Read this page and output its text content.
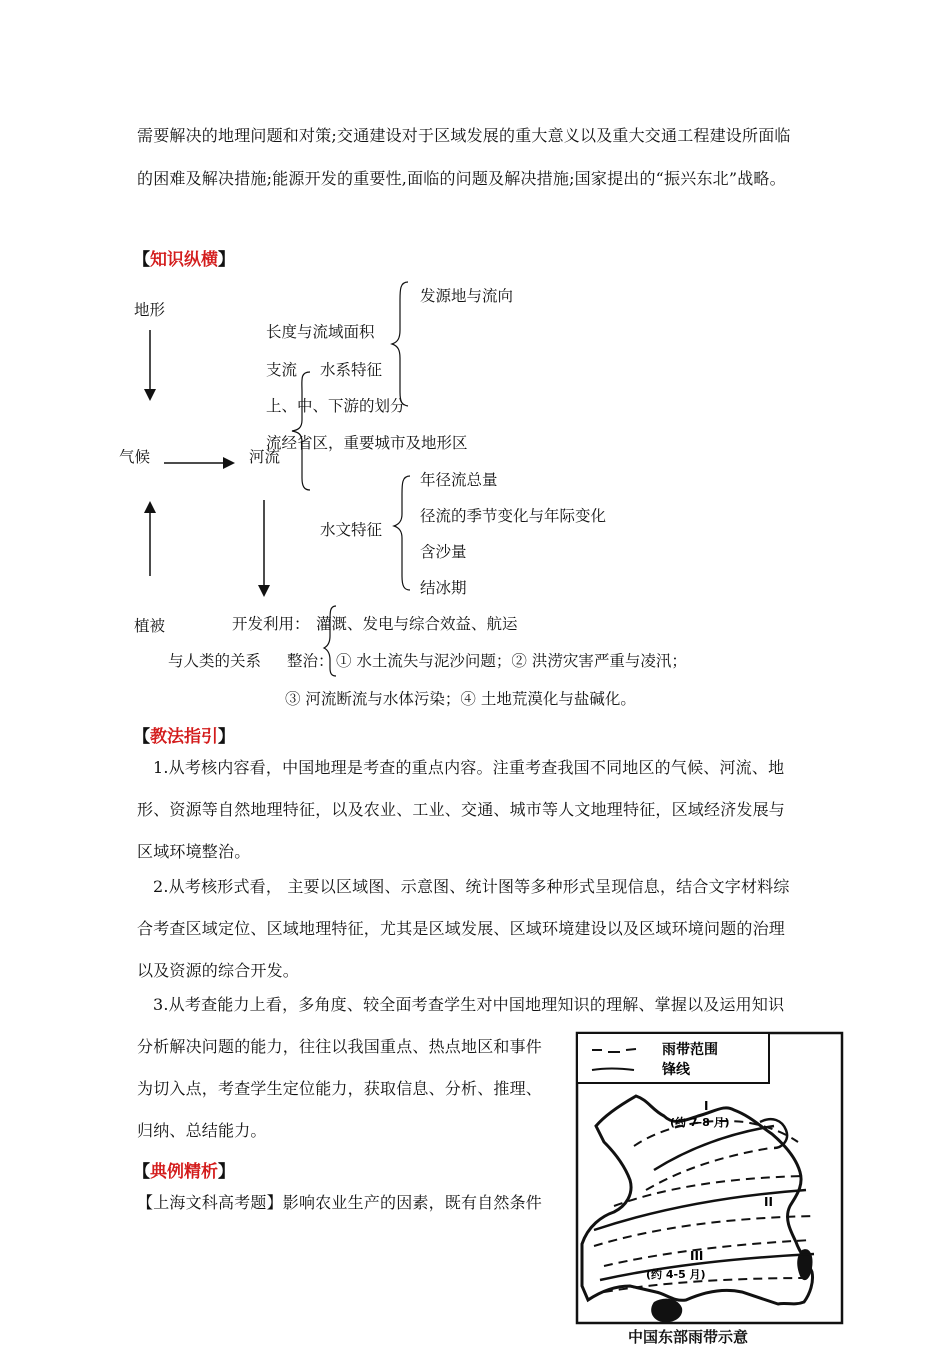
需要解决的地理问题和对策;交通建设对于区域发展的重大意义以及重大交通工程建设所面临
的困难及解决措施;能源开发的重要性,面临的问题及解决措施;国家提出的“振兴东北”战略。
【知识纵横】
地形
气候	河流
植被
发源地与流向
长度与流域面积
支流 水系特征
上、中、下游的划分
流经省区，重要城市及地形区
水文特征
年径流总量
径流的季节变化与年际变化
含沙量
结冰期
开发利用： 灌溉、发电与综合效益、航运
与人类的关系 整治： ① 水土流失与泥沙问题；② 洪涝灾害严重与凌汛；
③ 河流断流与水体污染；④ 土地荒漠化与盐碱化。
【教法指引】
1.从考核内容看，中国地理是考查的重点内容。注重考查我国不同地区的气候、河流、地
形、资源等自然地理特征，以及农业、工业、交通、城市等人文地理特征，区域经济发展与
区域环境整治。
2.从考核形式看， 主要以区域图、示意图、统计图等多种形式呈现信息，结合文字材料综
合考查区域定位、区域地理特征，尤其是区域发展、区域环境建设以及区域环境问题的治理
以及资源的综合开发。
3.从考查能力上看，多角度、较全面考查学生对中国地理知识的理解、掌握以及运用知识
分析解决问题的能力，往往以我国重点、热点地区和事件
为切入点，考查学生定位能力，获取信息、分析、推理、
归纳、总结能力。
【典例精析】
【上海文科高考题】影响农业生产的因素，既有自然条件
雨带范围
锋线
I
(约 7-8 月)
II
III
(约 4-5 月)
中国东部雨带示意
